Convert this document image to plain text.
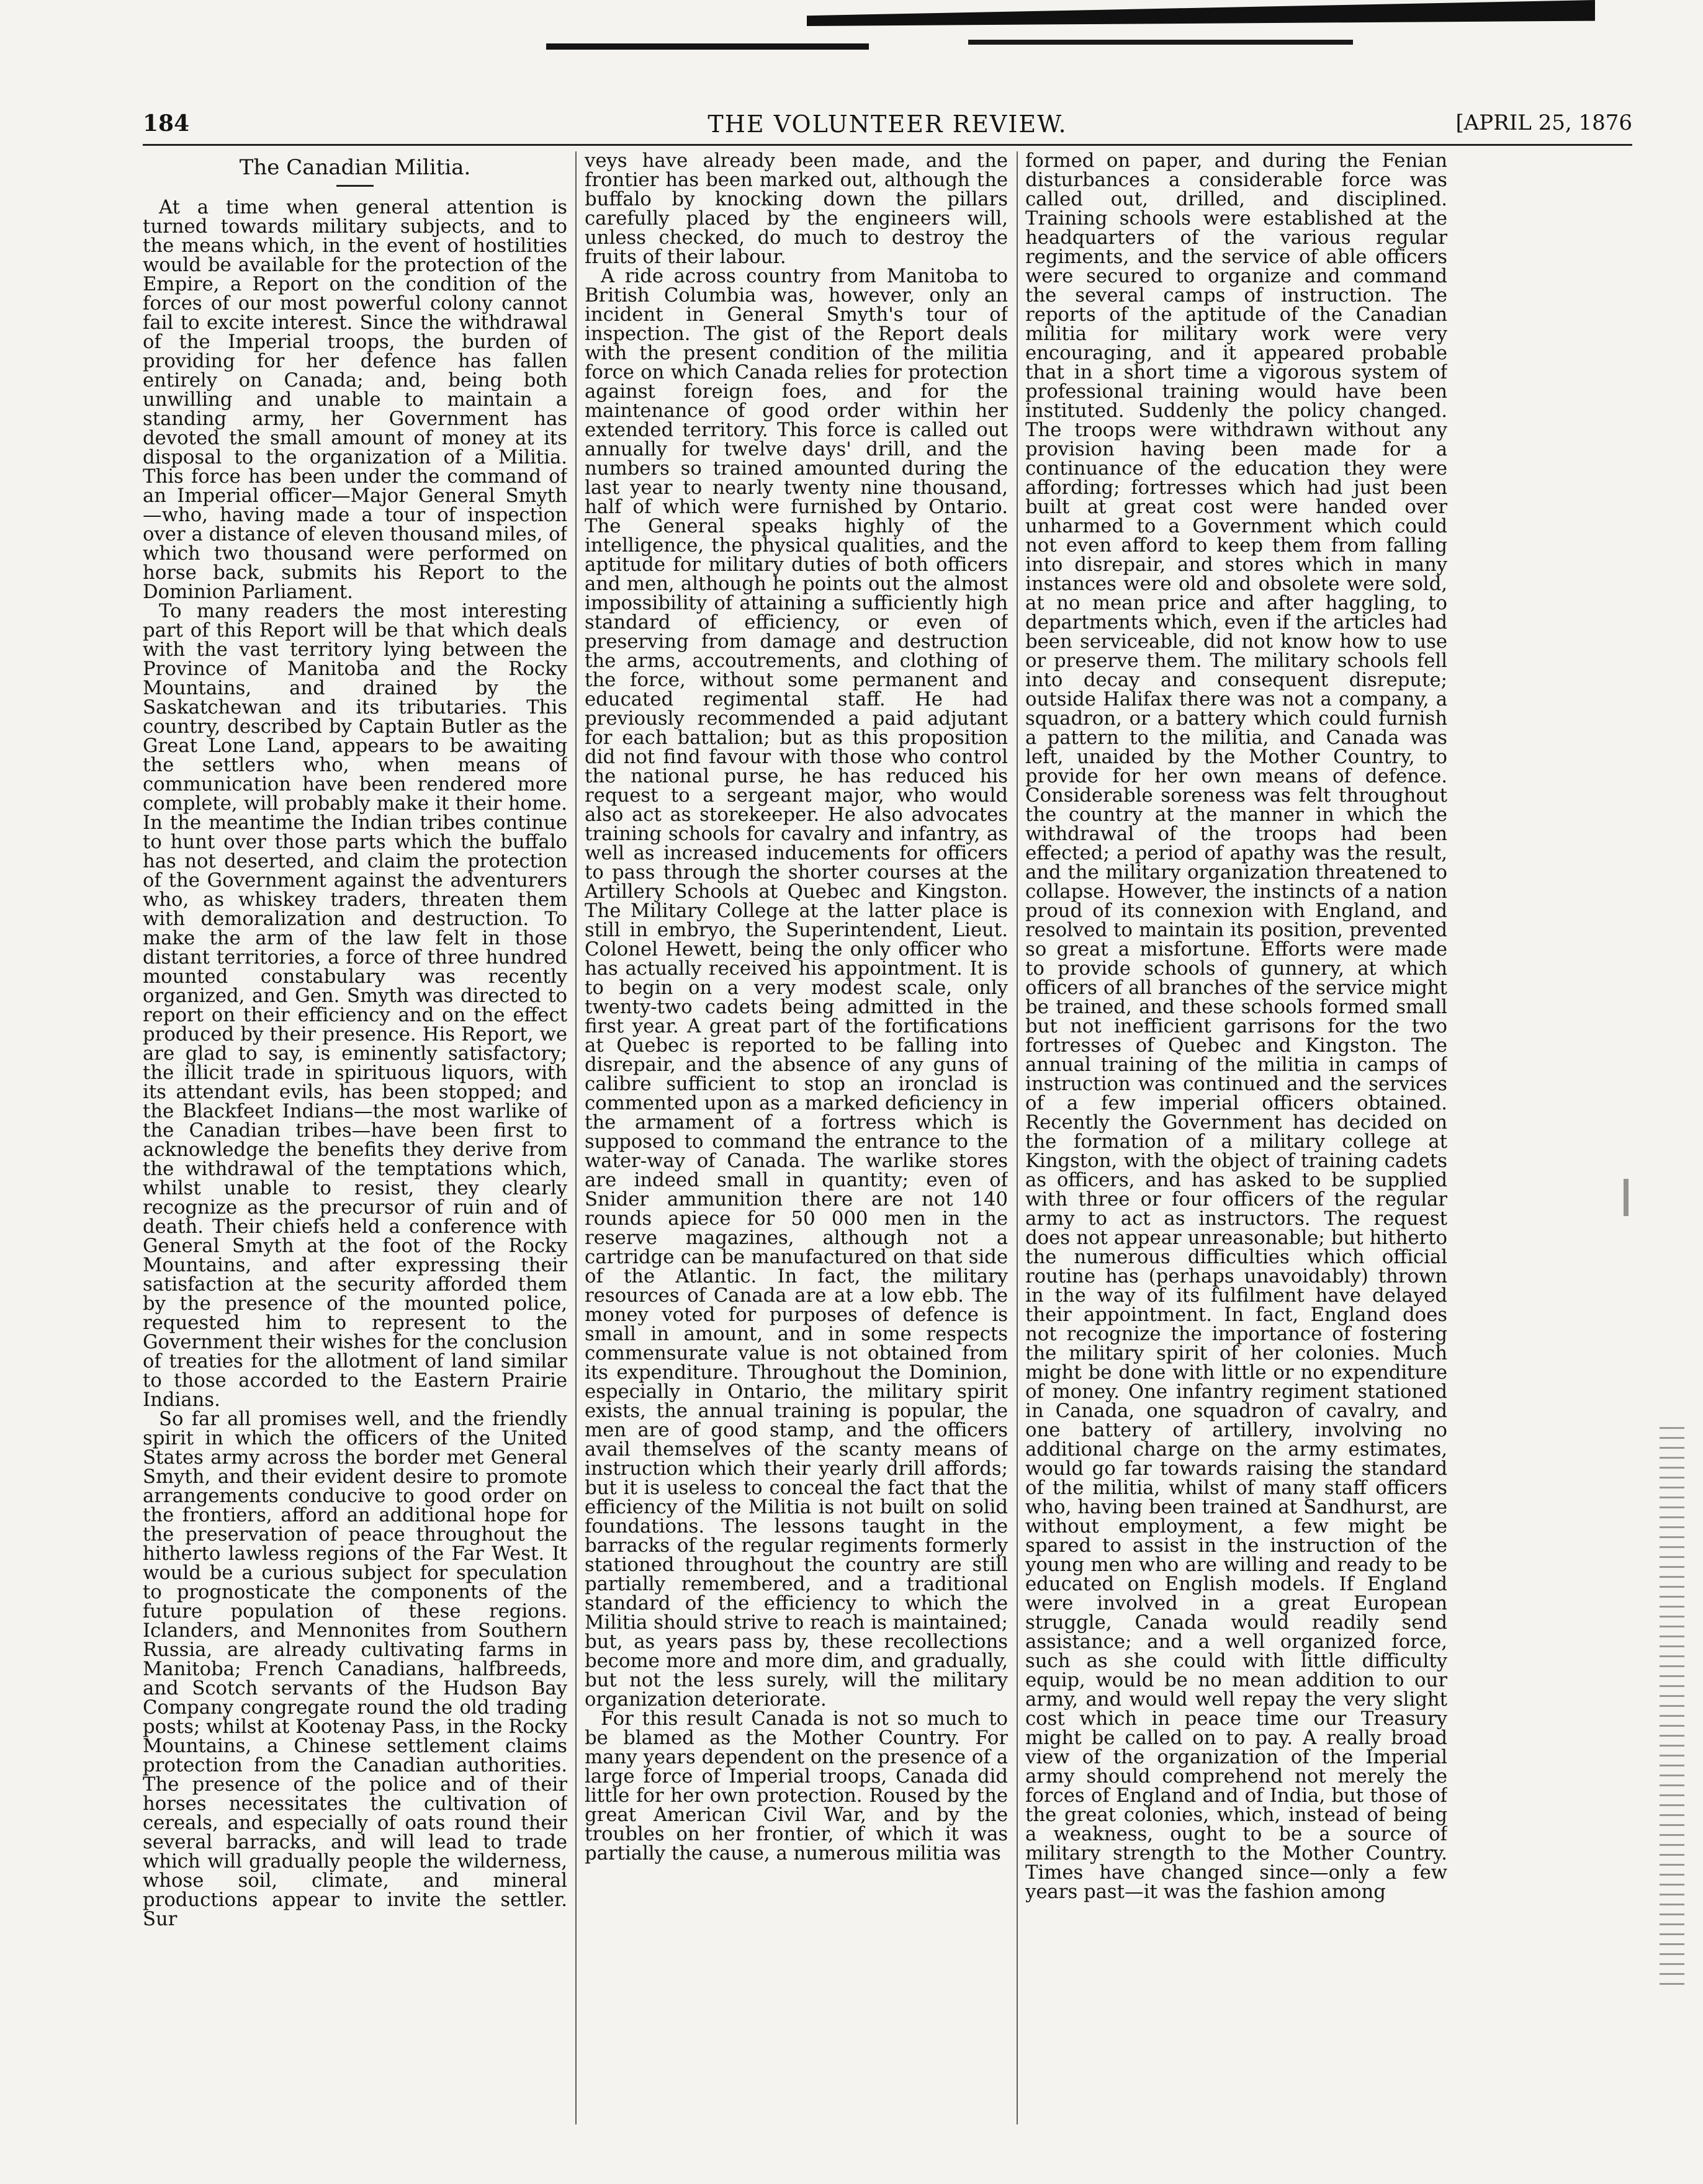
THE VOLUNTEER REVIEW.
184	[APRIL 25, 1876
The Canadian Militia.

At a time when general attention is turned towards military subjects, and to the means which, in the event of hostilities would be available for the protection of the Empire, a Report on the condition of the forces of our most powerful colony cannot fail to excite interest. Since the withdrawal of the Imperial troops, the burden of providing for her defence has fallen entirely on Canada; and, being both unwilling and unable to maintain a standing army, her Government has devoted the small amount of money at its disposal to the organization of a Militia. This force has been under the command of an Imperial officer—Major General Smyth—who, having made a tour of inspection over a distance of eleven thousand miles, of which two thousand were performed on horse back, submits his Report to the Dominion Parliament.

To many readers the most interesting part of this Report will be that which deals with the vast territory lying between the Province of Manitoba and the Rocky Mountains, and drained by the Saskatchewan and its tributaries. This country, described by Captain Butler as the Great Lone Land, appears to be awaiting the settlers who, when means of communication have been rendered more complete, will probably make it their home. In the meantime the Indian tribes continue to hunt over those parts which the buffalo has not deserted, and claim the protection of the Government against the adventurers who, as whiskey traders, threaten them with demoralization and destruction. To make the arm of the law felt in those distant territories, a force of three hundred mounted constabulary was recently organized, and Gen. Smyth was directed to report on their efficiency and on the effect produced by their presence. His Report, we are glad to say, is eminently satisfactory; the illicit trade in spirituous liquors, with its attendant evils, has been stopped; and the Blackfeet Indians—the most warlike of the Canadian tribes—have been first to acknowledge the benefits they derive from the withdrawal of the temptations which, whilst unable to resist, they clearly recognize as the precursor of ruin and of death. Their chiefs held a conference with General Smyth at the foot of the Rocky Mountains, and after expressing their satisfaction at the security afforded them by the presence of the mounted police, requested him to represent to the Government their wishes for the conclusion of treaties for the allotment of land similar to those accorded to the Eastern Prairie Indians.

So far all promises well, and the friendly spirit in which the officers of the United States army across the border met General Smyth, and their evident desire to promote arrangements conducive to good order on the frontiers, afford an additional hope for the preservation of peace throughout the hitherto lawless regions of the Far West. It would be a curious subject for speculation to prognosticate the components of the future population of these regions. Iclanders, and Mennonites from Southern Russia, are already cultivating farms in Manitoba; French Canadians, halfbreeds, and Scotch servants of the Hudson Bay Company congregate round the old trading posts; whilst at Kootenay Pass, in the Rocky Mountains, a Chinese settlement claims protection from the Canadian authorities. The presence of the police and of their horses necessitates the cultivation of cereals, and especially of oats round their several barracks, and will lead to trade which will gradually people the wilderness, whose soil, climate, and mineral productions appear to invite the settler. Sur

veys have already been made, and the frontier has been marked out, although the buffalo by knocking down the pillars carefully placed by the engineers will, unless checked, do much to destroy the fruits of their labour.

A ride across country from Manitoba to British Columbia was, however, only an incident in General Smyth's tour of inspection. The gist of the Report deals with the present condition of the militia force on which Canada relies for protection against foreign foes, and for the maintenance of good order within her extended territory. This force is called out annually for twelve days' drill, and the numbers so trained amounted during the last year to nearly twenty nine thousand, half of which were furnished by Ontario. The General speaks highly of the intelligence, the physical qualities, and the aptitude for military duties of both officers and men, although he points out the almost impossibility of attaining a sufficiently high standard of efficiency, or even of preserving from damage and destruction the arms, accoutrements, and clothing of the force, without some permanent and educated regimental staff. He had previously recommended a paid adjutant for each battalion; but as this proposition did not find favour with those who control the national purse, he has reduced his request to a sergeant major, who would also act as storekeeper. He also advocates training schools for cavalry and infantry, as well as increased inducements for officers to pass through the shorter courses at the Artillery Schools at Quebec and Kingston. The Military College at the latter place is still in embryo, the Superintendent, Lieut. Colonel Hewett, being the only officer who has actually received his appointment. It is to begin on a very modest scale, only twenty-two cadets being admitted in the first year. A great part of the fortifications at Quebec is reported to be falling into disrepair, and the absence of any guns of calibre sufficient to stop an ironclad is commented upon as a marked deficiency in the armament of a fortress which is supposed to command the entrance to the water-way of Canada. The warlike stores are indeed small in quantity; even of Snider ammunition there are not 140 rounds apiece for 50 000 men in the reserve magazines, although not a cartridge can be manufactured on that side of the Atlantic. In fact, the military resources of Canada are at a low ebb. The money voted for purposes of defence is small in amount, and in some respects commensurate value is not obtained from its expenditure. Throughout the Dominion, especially in Ontario, the military spirit exists, the annual training is popular, the men are of good stamp, and the officers avail themselves of the scanty means of instruction which their yearly drill affords; but it is useless to conceal the fact that the efficiency of the Militia is not built on solid foundations. The lessons taught in the barracks of the regular regiments formerly stationed throughout the country are still partially remembered, and a traditional standard of the efficiency to which the Militia should strive to reach is maintained; but, as years pass by, these recollections become more and more dim, and gradually, but not the less surely, will the military organization deteriorate.

For this result Canada is not so much to be blamed as the Mother Country. For many years dependent on the presence of a large force of Imperial troops, Canada did little for her own protection. Roused by the great American Civil War, and by the troubles on her frontier, of which it was partially the cause, a numerous militia was

formed on paper, and during the Fenian disturbances a considerable force was called out, drilled, and disciplined. Training schools were established at the headquarters of the various regular regiments, and the service of able officers were secured to organize and command the several camps of instruction. The reports of the aptitude of the Canadian militia for military work were very encouraging, and it appeared probable that in a short time a vigorous system of professional training would have been instituted. Suddenly the policy changed. The troops were withdrawn without any provision having been made for a continuance of the education they were affording; fortresses which had just been built at great cost were handed over unharmed to a Government which could not even afford to keep them from falling into disrepair, and stores which in many instances were old and obsolete were sold, at no mean price and after haggling, to departments which, even if the articles had been serviceable, did not know how to use or preserve them. The military schools fell into decay and consequent disrepute; outside Halifax there was not a company, a squadron, or a battery which could furnish a pattern to the militia, and Canada was left, unaided by the Mother Country, to provide for her own means of defence. Considerable soreness was felt throughout the country at the manner in which the withdrawal of the troops had been effected; a period of apathy was the result, and the military organization threatened to collapse. However, the instincts of a nation proud of its connexion with England, and resolved to maintain its position, prevented so great a misfortune. Efforts were made to provide schools of gunnery, at which officers of all branches of the service might be trained, and these schools formed small but not inefficient garrisons for the two fortresses of Quebec and Kingston. The annual training of the militia in camps of instruction was continued and the services of a few imperial officers obtained. Recently the Government has decided on the formation of a military college at Kingston, with the object of training cadets as officers, and has asked to be supplied with three or four officers of the regular army to act as instructors. The request does not appear unreasonable; but hitherto the numerous difficulties which official routine has (perhaps unavoidably) thrown in the way of its fulfilment have delayed their appointment. In fact, England does not recognize the importance of fostering the military spirit of her colonies. Much might be done with little or no expenditure of money. One infantry regiment stationed in Canada, one squadron of cavalry, and one battery of artillery, involving no additional charge on the army estimates, would go far towards raising the standard of the militia, whilst of many staff officers who, having been trained at Sandhurst, are without employment, a few might be spared to assist in the instruction of the young men who are willing and ready to be educated on English models. If England were involved in a great European struggle, Canada would readily send assistance; and a well organized force, such as she could with little difficulty equip, would be no mean addition to our army, and would well repay the very slight cost which in peace time our Treasury might be called on to pay. A really broad view of the organization of the Imperial army should comprehend not merely the forces of England and of India, but those of the great colonies, which, instead of being a weakness, ought to be a source of military strength to the Mother Country. Times have changed since—only a few years past—it was the fashion among
